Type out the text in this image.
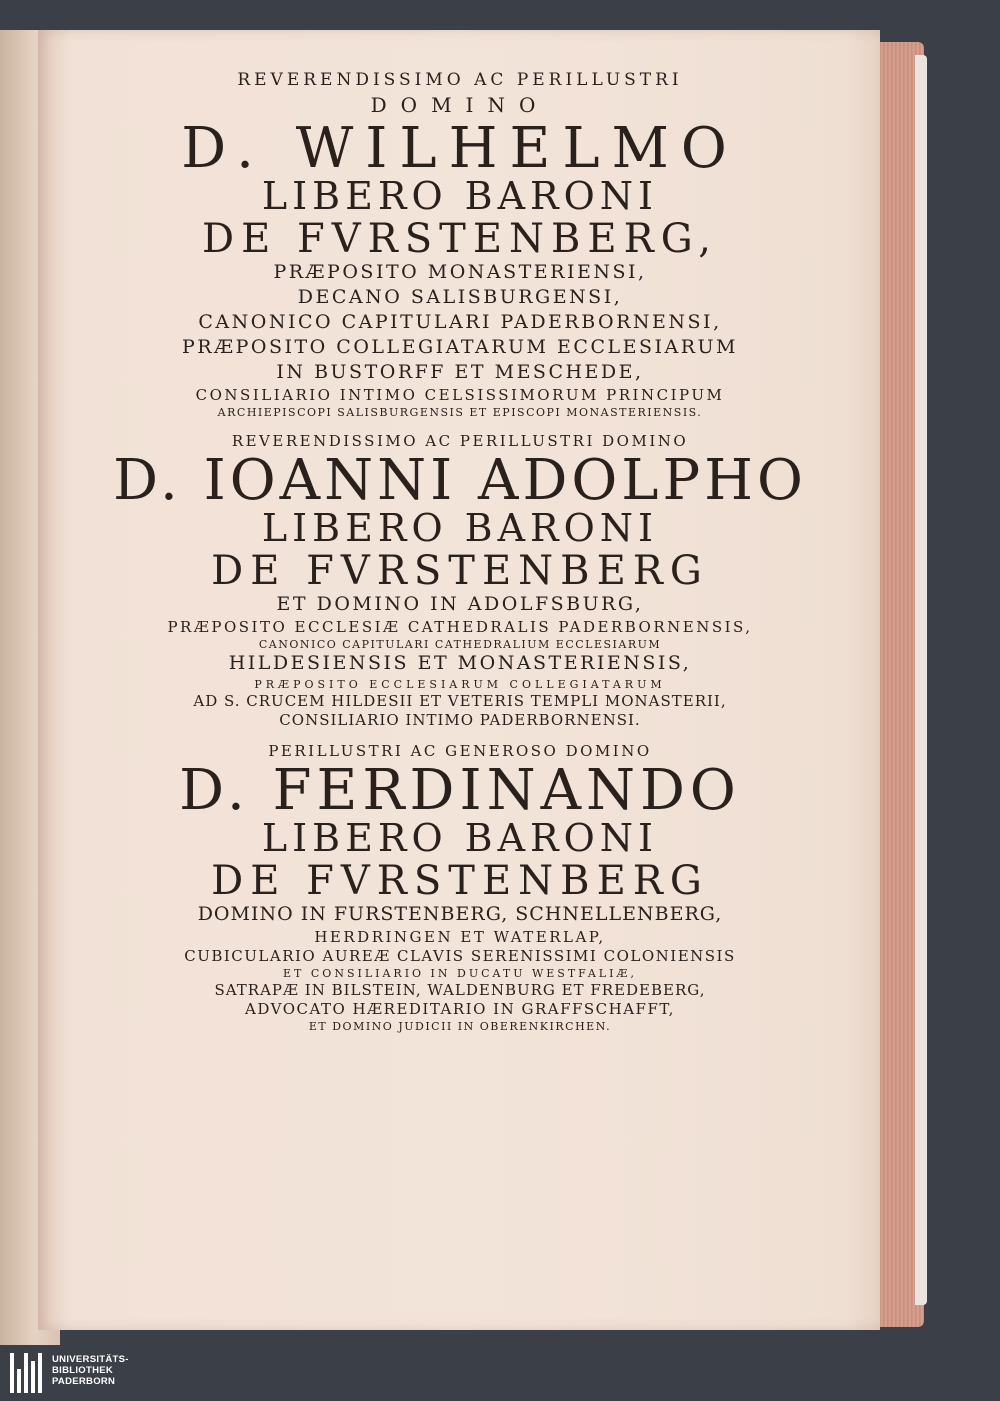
REVERENDISSIMO AC PERILLUSTRI
DOMINO
D. WILHELMO
LIBERO BARONI
DE FVRSTENBERG,
PRÆPOSITO MONASTERIENSI,
DECANO SALISBURGENSI,
CANONICO CAPITULARI PADERBORNENSI,
PRÆPOSITO COLLEGIATARUM ECCLESIARUM
IN BUSTORFF ET MESCHEDE,
CONSILIARIO INTIMO CELSISSIMORUM PRINCIPUM
ARCHIEPISCOPI SALISBURGENSIS ET EPISCOPI MONASTERIENSIS.
REVERENDISSIMO AC PERILLUSTRI DOMINO
D. IOANNI ADOLPHO
LIBERO BARONI
DE FVRSTENBERG
ET DOMINO IN ADOLFSBURG,
PRÆPOSITO ECCLESIÆ CATHEDRALIS PADERBORNENSIS,
CANONICO CAPITULARI CATHEDRALIUM ECCLESIARUM
HILDESIENSIS ET MONASTERIENSIS,
PRÆPOSITO ECCLESIARUM COLLEGIATARUM
AD S. CRUCEM HILDESII ET VETERIS TEMPLI MONASTERII,
CONSILIARIO INTIMO PADERBORNENSI.
PERILLUSTRI AC GENEROSO DOMINO
D. FERDINANDO
LIBERO BARONI
DE FVRSTENBERG
DOMINO IN FURSTENBERG, SCHNELLENBERG,
HERDRINGEN ET WATERLAP,
CUBICULARIO AUREÆ CLAVIS SERENISSIMI COLONIENSIS
ET CONSILIARIO IN DUCATU WESTFALIÆ,
SATRAPÆ IN BILSTEIN, WALDENBURG ET FREDEBERG,
ADVOCATO HÆREDITARIO IN GRAFFSCHAFFT,
ET DOMINO JUDICII IN OBERENKIRCHEN.
UNIVERSITÄTS-
BIBLIOTHEK
PADERBORN
